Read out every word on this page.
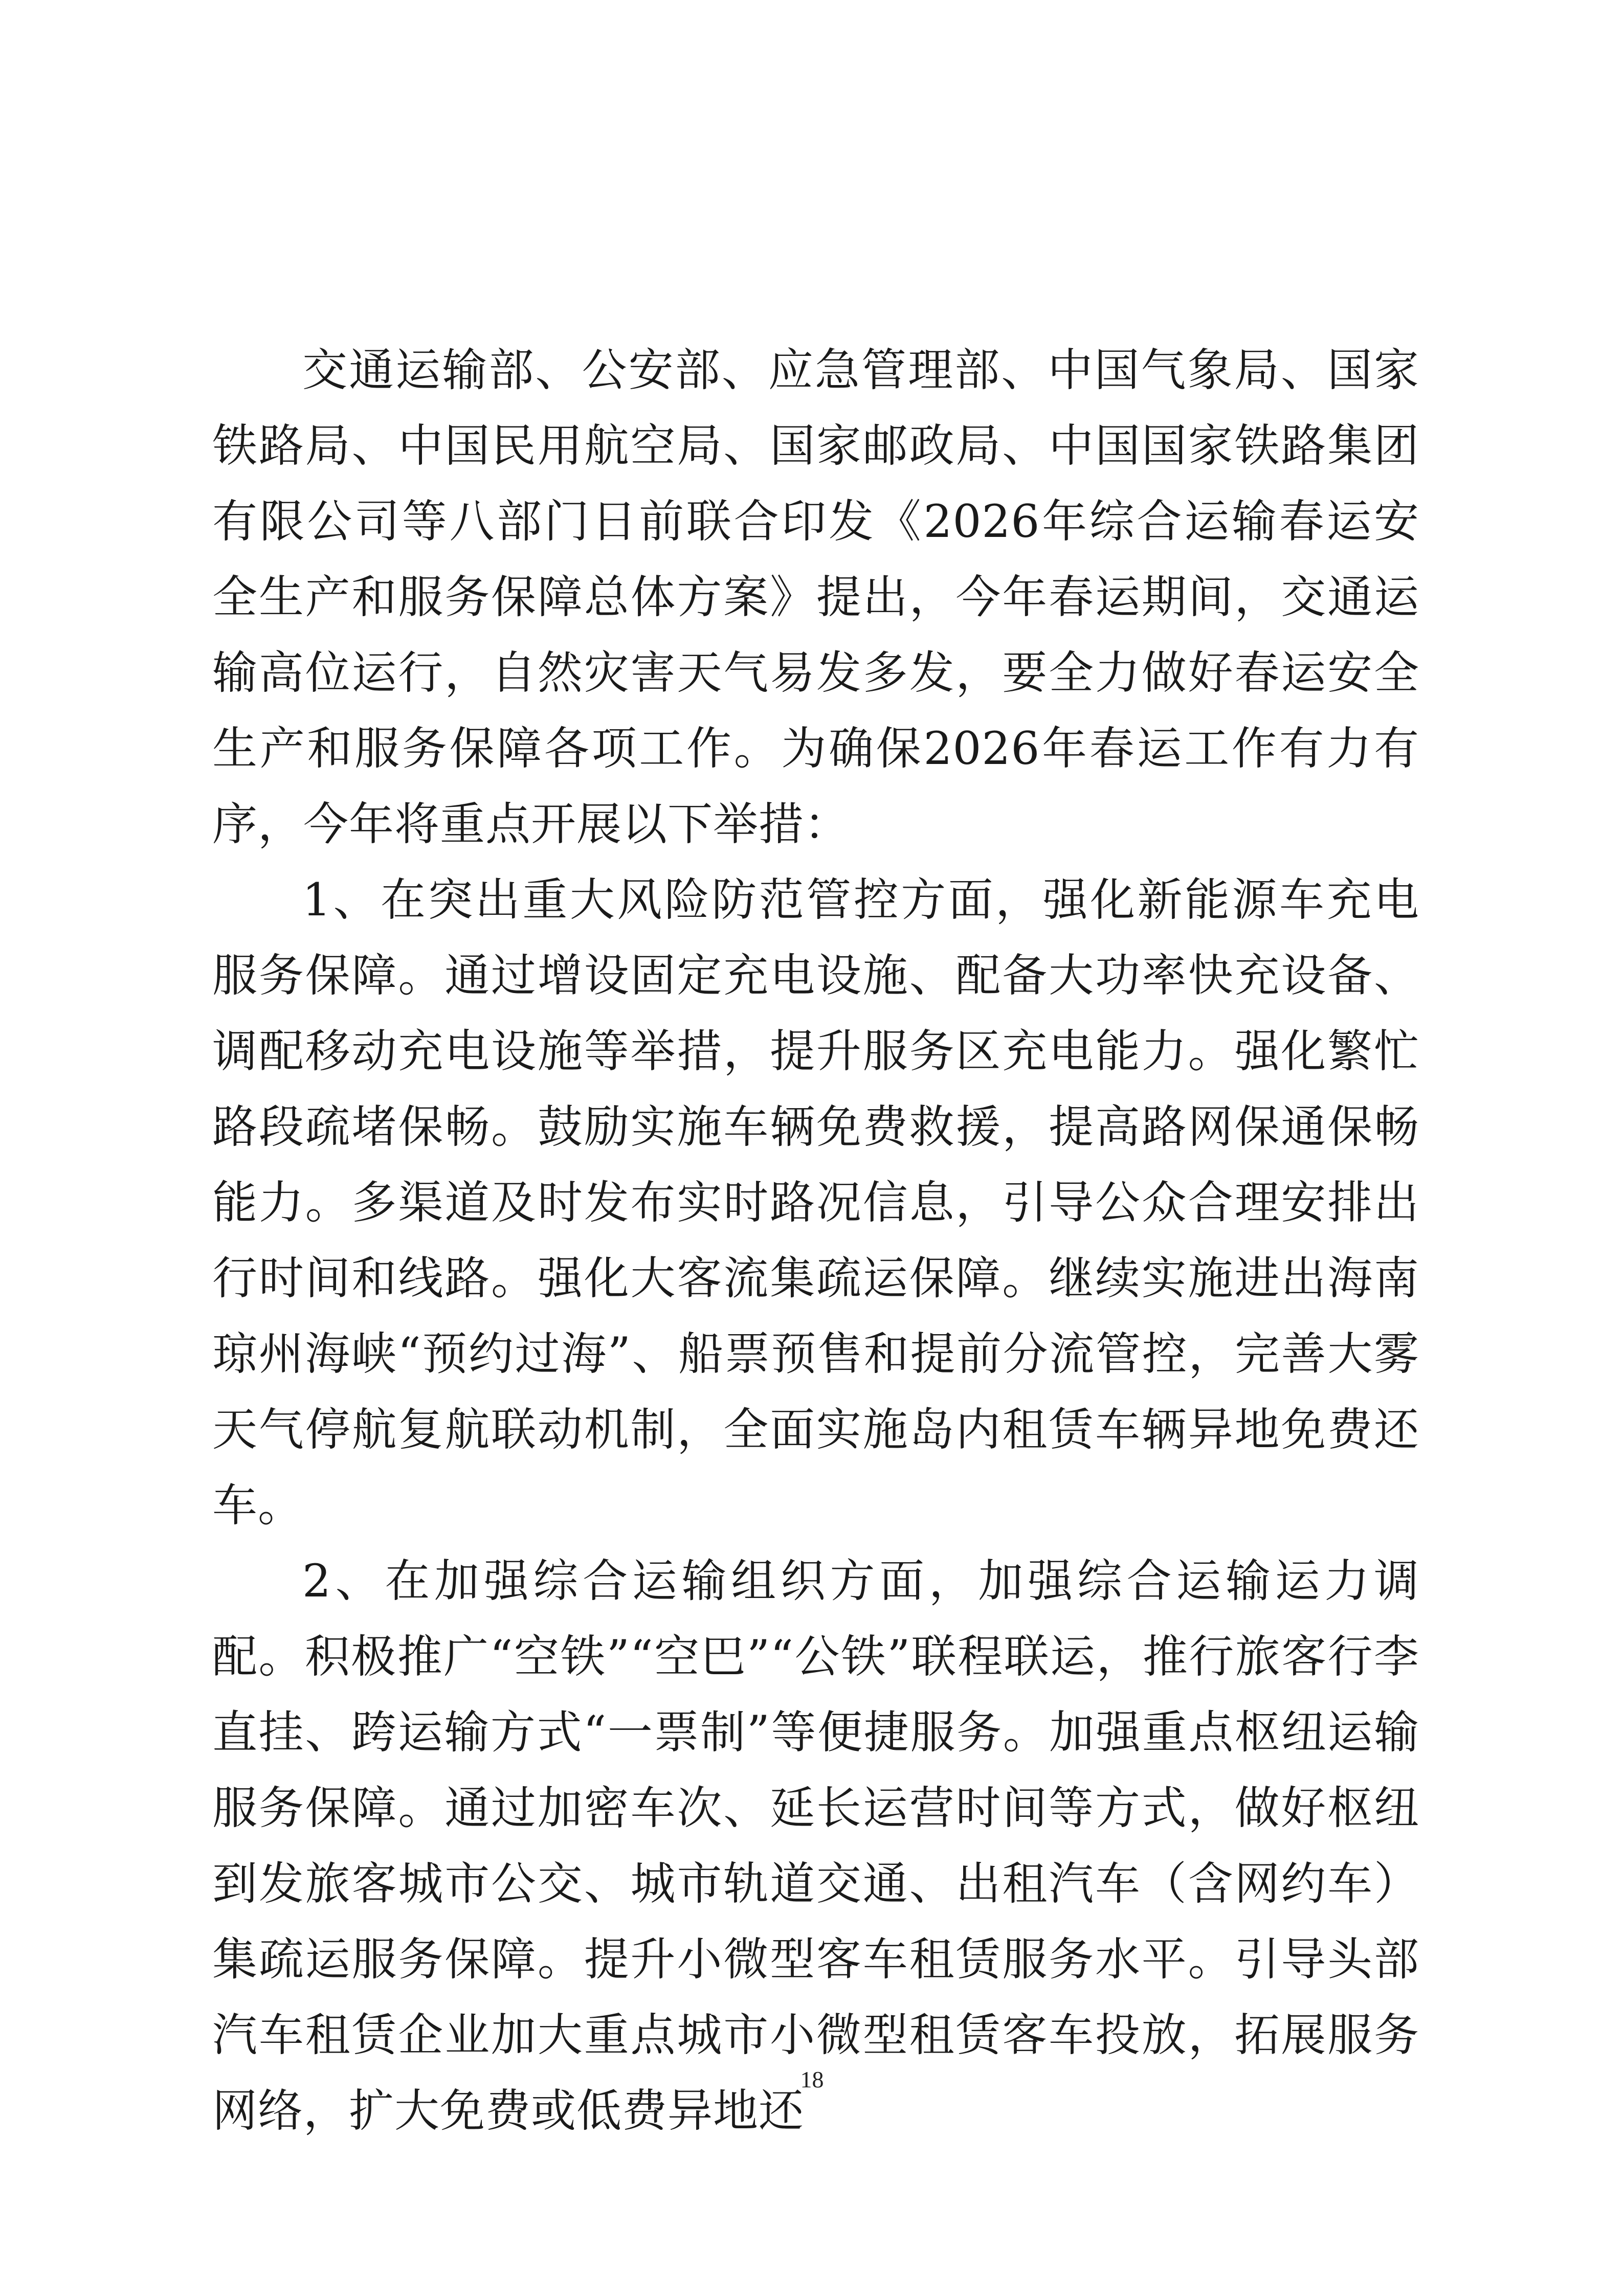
交通运输部、公安部、应急管理部、中国气象局、国家铁路局、中国民用航空局、国家邮政局、中国国家铁路集团有限公司等八部门日前联合印发《2026年综合运输春运安全生产和服务保障总体方案》提出，今年春运期间，交通运输高位运行，自然灾害天气易发多发，要全力做好春运安全生产和服务保障各项工作。为确保2026年春运工作有力有序，今年将重点开展以下举措：

1、在突出重大风险防范管控方面，强化新能源车充电服务保障。通过增设固定充电设施、配备大功率快充设备、调配移动充电设施等举措，提升服务区充电能力。强化繁忙路段疏堵保畅。鼓励实施车辆免费救援，提高路网保通保畅能力。多渠道及时发布实时路况信息，引导公众合理安排出行时间和线路。强化大客流集疏运保障。继续实施进出海南琼州海峡“预约过海”、船票预售和提前分流管控，完善大雾天气停航复航联动机制，全面实施岛内租赁车辆异地免费还车。

2、在加强综合运输组织方面，加强综合运输运力调配。积极推广“空铁”“空巴”“公铁”联程联运，推行旅客行李直挂、跨运输方式“一票制”等便捷服务。加强重点枢纽运输服务保障。通过加密车次、延长运营时间等方式，做好枢纽到发旅客城市公交、城市轨道交通、出租汽车（含网约车）集疏运服务保障。提升小微型客车租赁服务水平。引导头部汽车租赁企业加大重点城市小微型租赁客车投放，拓展服务网络，扩大免费或低费异地还

18
